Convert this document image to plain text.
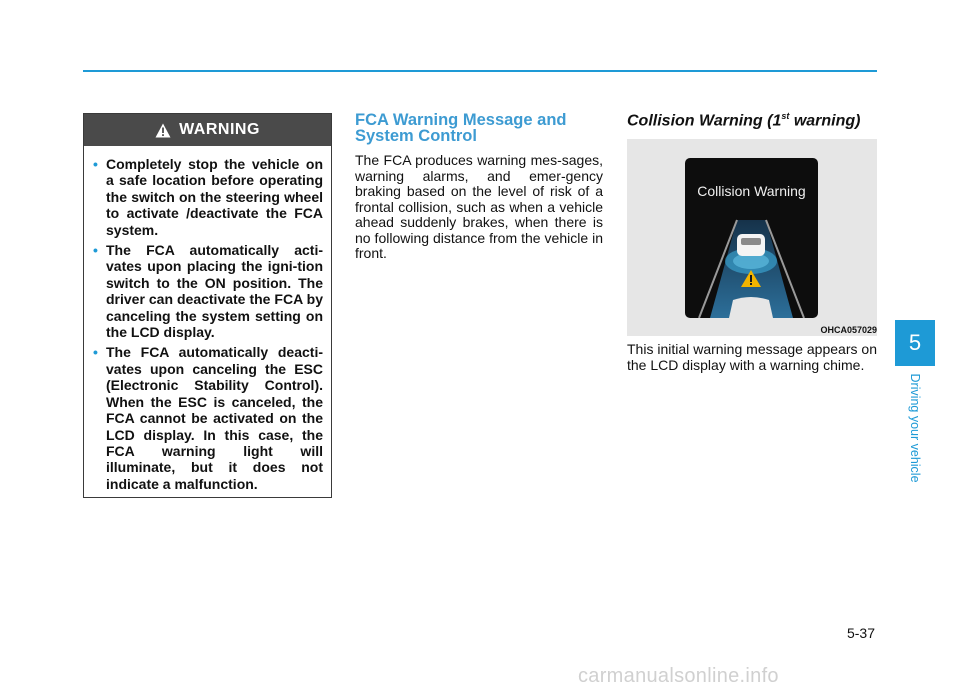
WARNING
• Completely stop the vehicle on a safe location before operating the switch on the steering wheel to activate /deactivate the FCA system.
• The FCA automatically acti-vates upon placing the igni-tion switch to the ON position. The driver can deactivate the FCA by canceling the system setting on the LCD display.
• The FCA automatically deacti-vates upon canceling the ESC (Electronic Stability Control). When the ESC is canceled, the FCA cannot be activated on the LCD display. In this case, the FCA warning light will illuminate, but it does not indicate a malfunction.
FCA Warning Message and System Control

The FCA produces warning mes-sages, warning alarms, and emer-gency braking based on the level of risk of a frontal collision, such as when a vehicle ahead suddenly brakes, when there is no following distance from the vehicle in front.

Collision Warning (1st warning)
Collision Warning
OHCA057029

This initial warning message appears on the LCD display with a warning chime.

5
Driving your vehicle
5-37
carmanualsonline.info
